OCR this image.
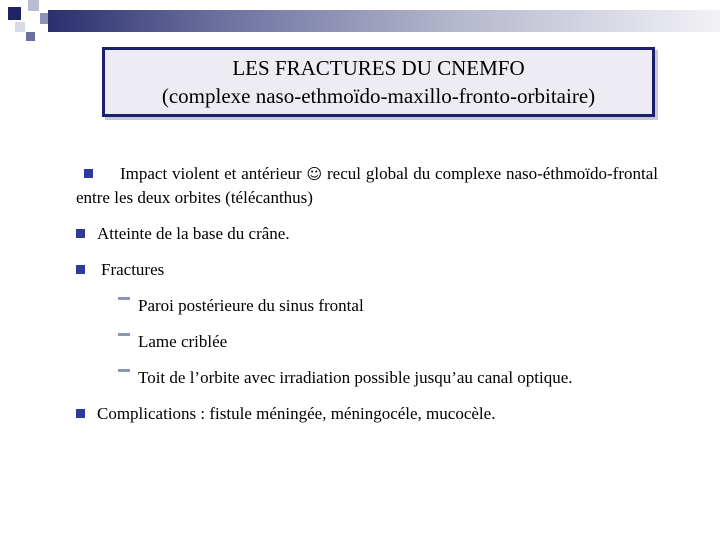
LES FRACTURES DU CNEMFO
(complexe naso-ethmoïdo-maxillo-fronto-orbitaire)
Impact violent et antérieur ☺ recul global du complexe naso-éthmoïdo-frontal entre les deux orbites (télécanthus)
Atteinte de la base du crâne.
Fractures
Paroi postérieure du sinus frontal
Lame criblée
Toit de l’orbite avec irradiation possible jusqu’au canal optique.
Complications : fistule méningée, méningocéle, mucocèle.
